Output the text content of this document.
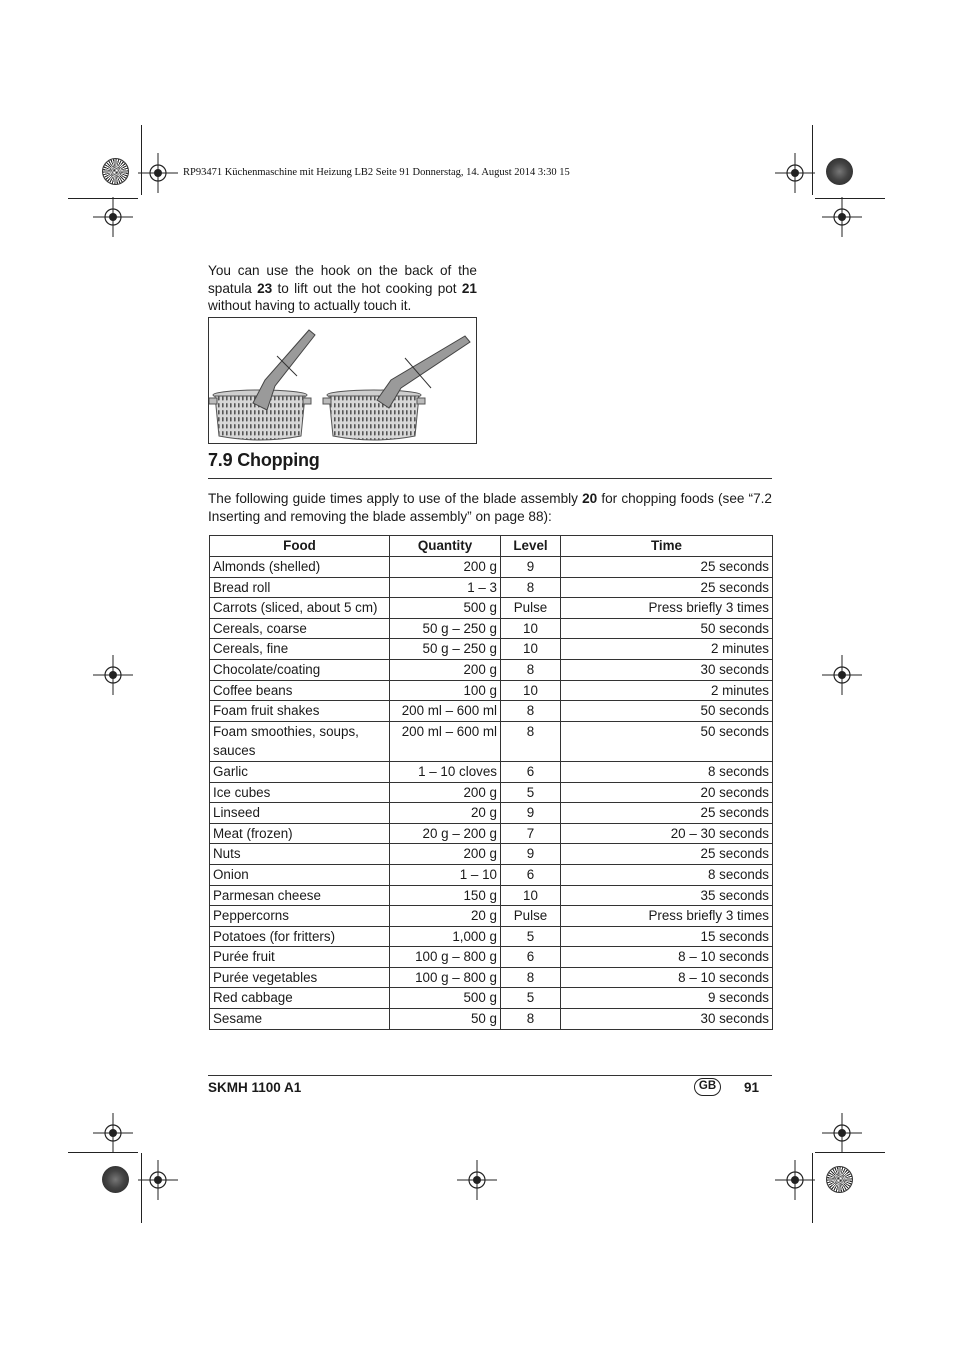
RP93471 Küchenmaschine mit Heizung LB2 Seite 91 Donnerstag, 14. August 2014 3:30 15

You can use the hook on the back of the spatula 23 to lift out the hot cooking pot 21 without having to actually touch it.

7.9 Chopping

The following guide times apply to use of the blade assembly 20 for chopping foods (see “7.2 Inserting and removing the blade assembly” on page 88):

Food	Quantity	Level	Time
Almonds (shelled)	200 g	9	25 seconds
Bread roll	1 – 3	8	25 seconds
Carrots (sliced, about 5 cm)	500 g	Pulse	Press briefly 3 times
Cereals, coarse	50 g – 250 g	10	50 seconds
Cereals, fine	50 g – 250 g	10	2 minutes
Chocolate/coating	200 g	8	30 seconds
Coffee beans	100 g	10	2 minutes
Foam fruit shakes	200 ml – 600 ml	8	50 seconds
Foam smoothies, soups, sauces	200 ml – 600 ml	8	50 seconds
Garlic	1 – 10 cloves	6	8 seconds
Ice cubes	200 g	5	20 seconds
Linseed	20 g	9	25 seconds
Meat (frozen)	20 g – 200 g	7	20 – 30 seconds
Nuts	200 g	9	25 seconds
Onion	1 – 10	6	8 seconds
Parmesan cheese	150 g	10	35 seconds
Peppercorns	20 g	Pulse	Press briefly 3 times
Potatoes (for fritters)	1,000 g	5	15 seconds
Purée fruit	100 g – 800 g	6	8 – 10 seconds
Purée vegetables	100 g – 800 g	8	8 – 10 seconds
Red cabbage	500 g	5	9 seconds
Sesame	50 g	8	30 seconds
SKMH 1100 A1	GB	91
